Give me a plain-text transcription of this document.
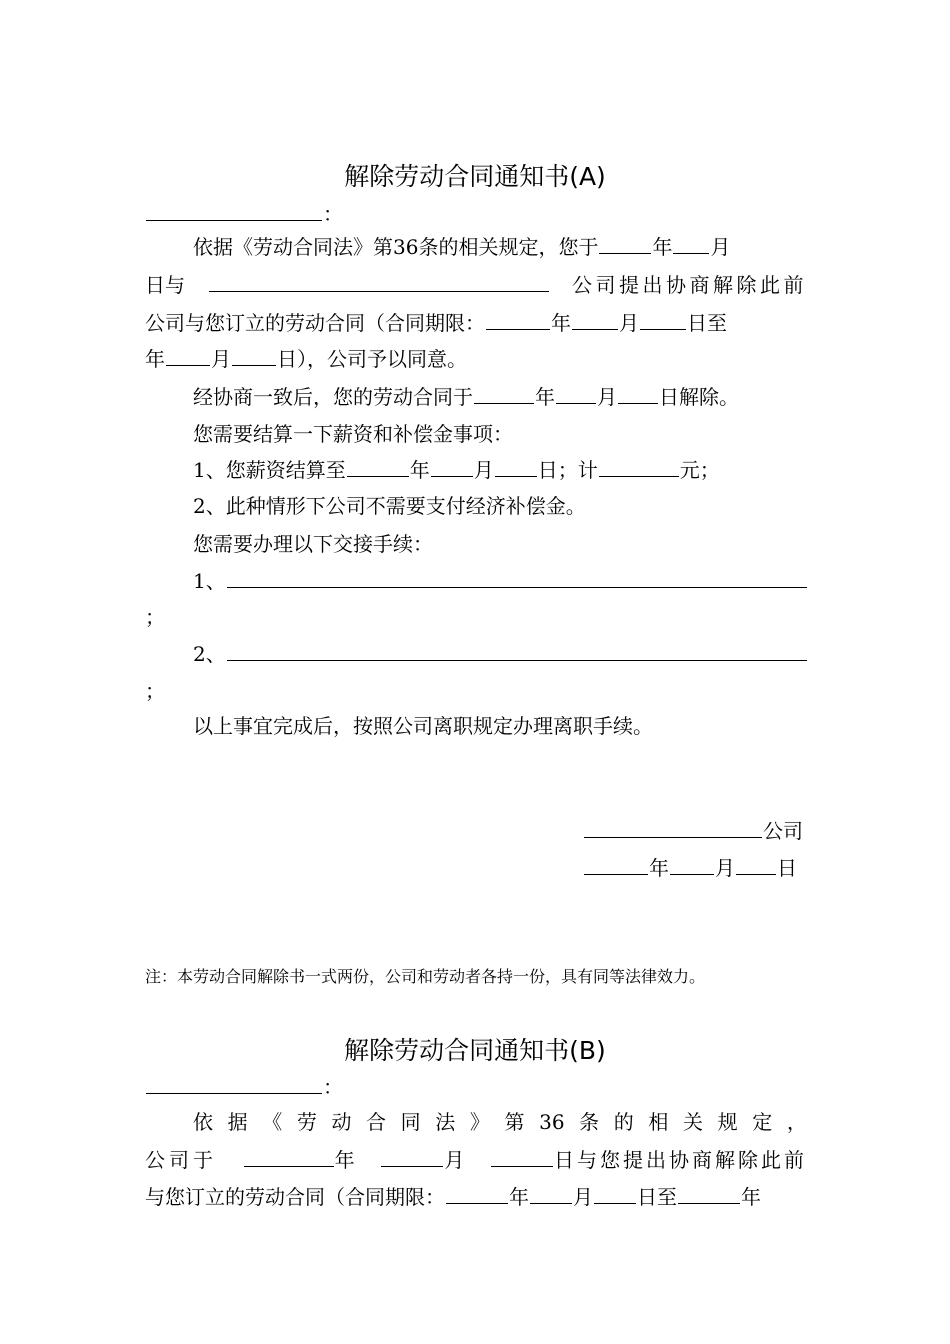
解除劳动合同通知书(A)
：
依据《劳动合同法》第36条的相关规定，您于	年 月
日与	公司提出协商解除此前
公司与您订立的劳动合同（合同期限：	年 月 日至
年 月 日），公司予以同意。
经协商一致后，您的劳动合同于	年 月 日解除。
您需要结算一下薪资和补偿金事项：
1、您薪资结算至	年 月 日；计	元；
2、此种情形下公司不需要支付经济补偿金。
您需要办理以下交接手续：
1、
；
2、
；
以上事宜完成后，按照公司离职规定办理离职手续。
公司
年 月 日
注：本劳动合同解除书一式两份，公司和劳动者各持一份，具有同等法律效力。
解除劳动合同通知书(B)
：
依 据 《 劳 动 合 同 法 》 第 36 条 的 相 关 规 定 ，
公司于	年	月	日与您提出协商解除此前
与您订立的劳动合同（合同期限：	年 月 日至	年
